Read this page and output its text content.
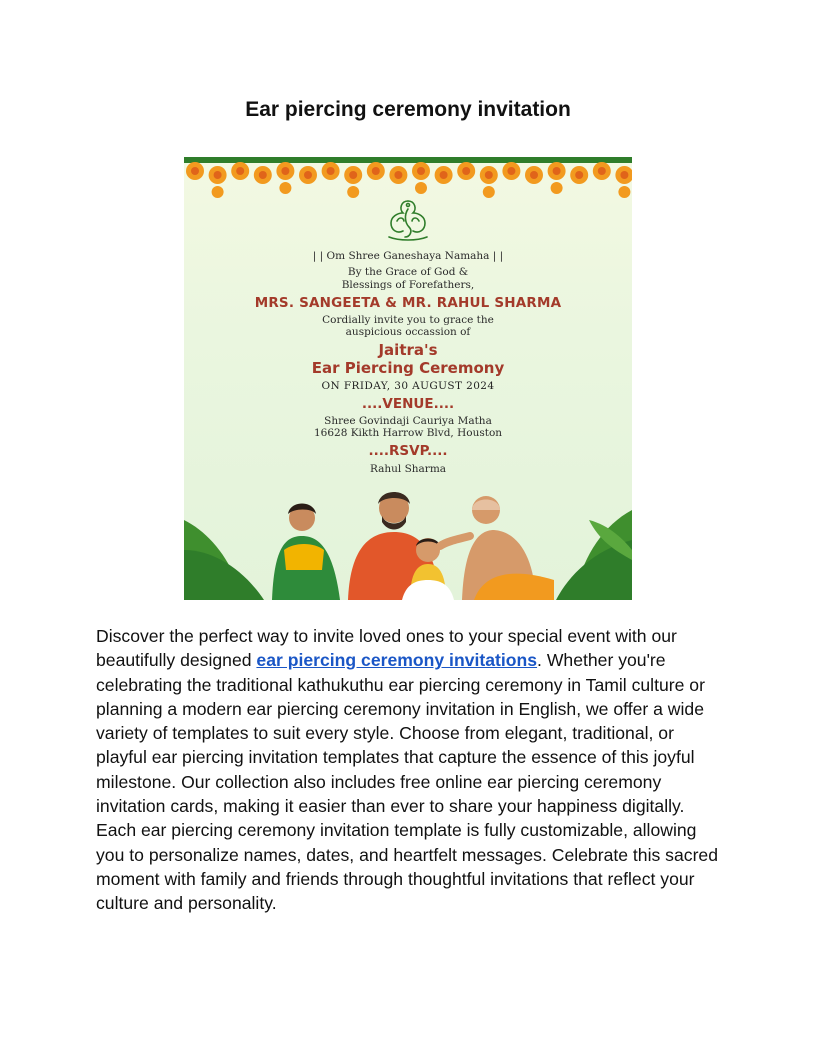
Ear piercing ceremony invitation
| | Om Shree Ganeshaya Namaha | |
By the Grace of God &
Blessings of Forefathers,
MRS. SANGEETA & MR. RAHUL SHARMA
Cordially invite you to grace the
auspicious occassion of
Jaitra's
Ear Piercing Ceremony
ON FRIDAY, 30 AUGUST 2024
....VENUE....
Shree Govindaji Cauriya Matha
16628 Kikth Harrow Blvd, Houston
....RSVP....
Rahul Sharma

Discover the perfect way to invite loved ones to your special event with our beautifully designed ear piercing ceremony invitations. Whether you're celebrating the traditional kathukuthu ear piercing ceremony in Tamil culture or planning a modern ear piercing ceremony invitation in English, we offer a wide variety of templates to suit every style. Choose from elegant, traditional, or playful ear piercing invitation templates that capture the essence of this joyful milestone. Our collection also includes free online ear piercing ceremony invitation cards, making it easier than ever to share your happiness digitally. Each ear piercing ceremony invitation template is fully customizable, allowing you to personalize names, dates, and heartfelt messages. Celebrate this sacred moment with family and friends through thoughtful invitations that reflect your culture and personality.
